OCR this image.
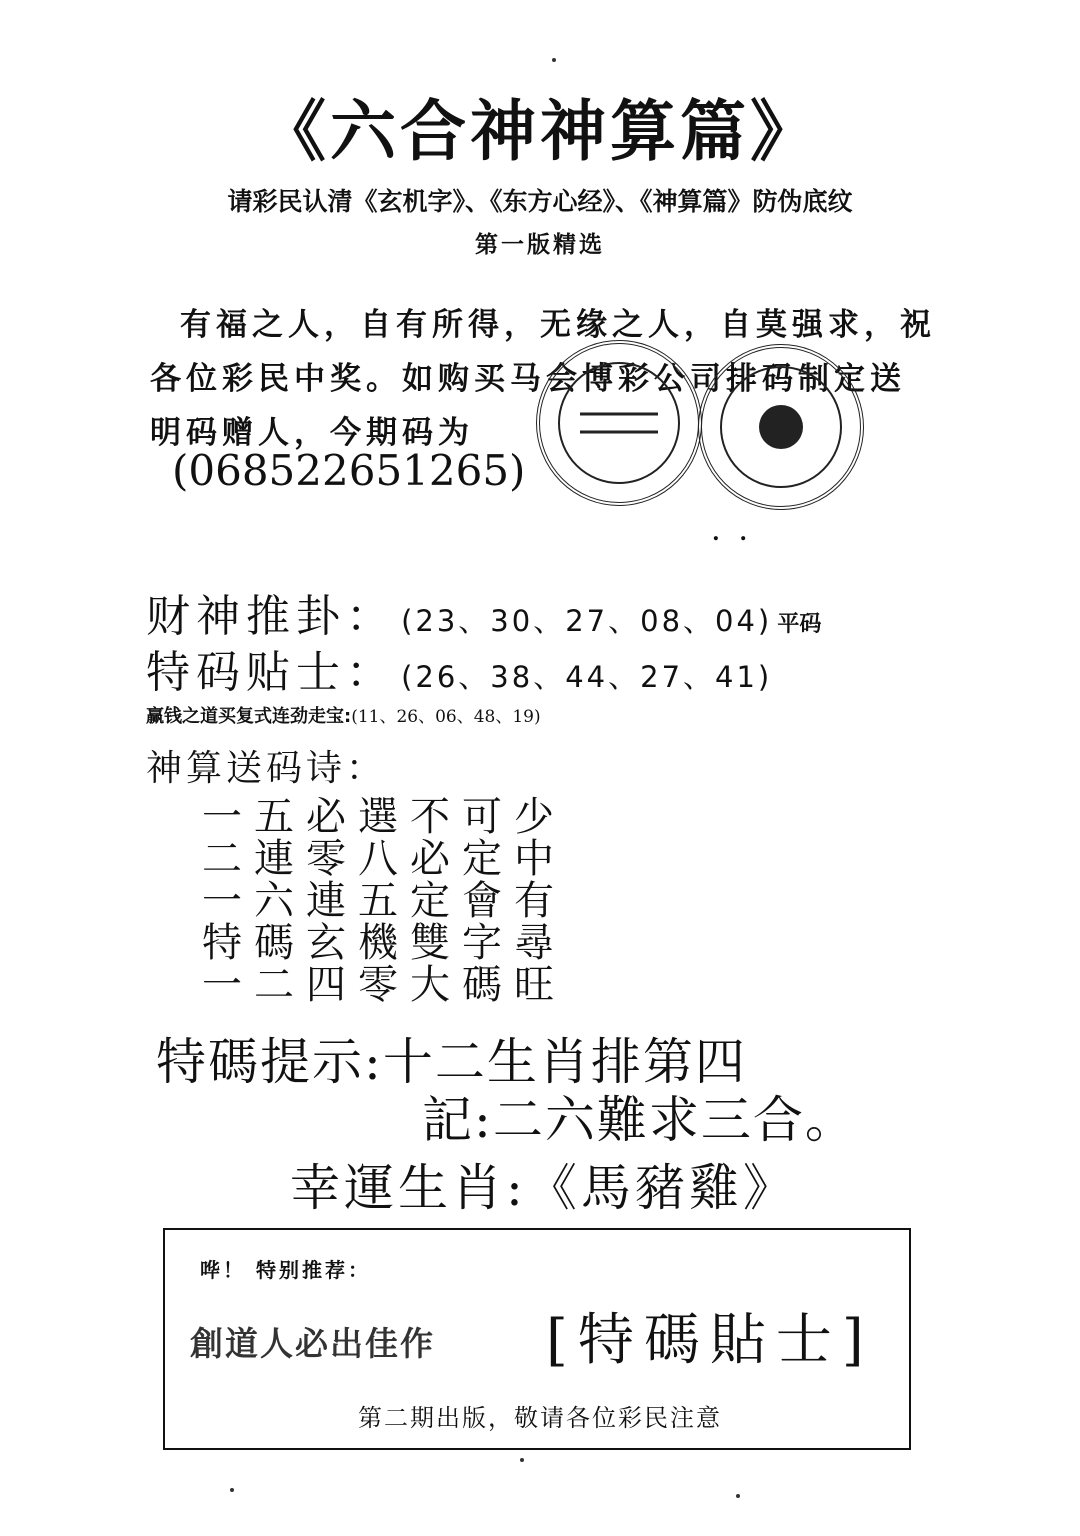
《六合神神算篇》
请彩民认清《玄机字》、《东方心经》、《神算篇》防伪底纹
第一版精选
有福之人，自有所得，无缘之人，自莫强求，祝各位彩民中奖。如购买马会博彩公司排码制定送明码赠人，今期码为
(068522651265)
. .
财神推卦： (23、30、27、08、04) 平码
特码贴士： (26、38、44、27、41)
赢钱之道买复式连劲走宝:(11、26、06、48、19)
神算送码诗：
一五必選不可少
二連零八必定中
一六連五定會有
特碼玄機雙字尋
一二四零大碼旺
特碼提示:十二生肖排第四
記:二六難求三合。
幸運生肖:《馬豬雞》
哗！ 特别推荐：
創道人必出佳作 [特碼貼士]
第二期出版，敬请各位彩民注意
